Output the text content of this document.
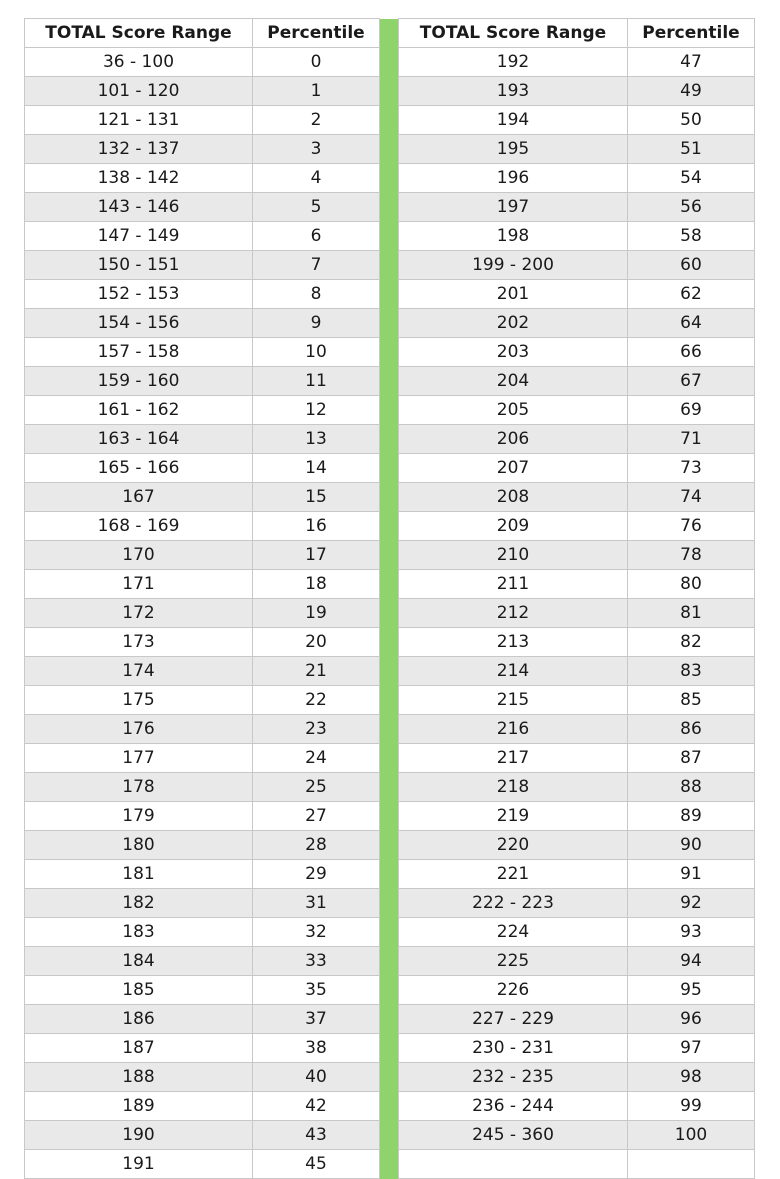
TOTAL Score Range	Percentile		TOTAL Score Range	Percentile
36 - 100	0		192	47
101 - 120	1		193	49
121 - 131	2		194	50
132 - 137	3		195	51
138 - 142	4		196	54
143 - 146	5		197	56
147 - 149	6		198	58
150 - 151	7		199 - 200	60
152 - 153	8		201	62
154 - 156	9		202	64
157 - 158	10		203	66
159 - 160	11		204	67
161 - 162	12		205	69
163 - 164	13		206	71
165 - 166	14		207	73
167	15		208	74
168 - 169	16		209	76
170	17		210	78
171	18		211	80
172	19		212	81
173	20		213	82
174	21		214	83
175	22		215	85
176	23		216	86
177	24		217	87
178	25		218	88
179	27		219	89
180	28		220	90
181	29		221	91
182	31		222 - 223	92
183	32		224	93
184	33		225	94
185	35		226	95
186	37		227 - 229	96
187	38		230 - 231	97
188	40		232 - 235	98
189	42		236 - 244	99
190	43		245 - 360	100
191	45			
